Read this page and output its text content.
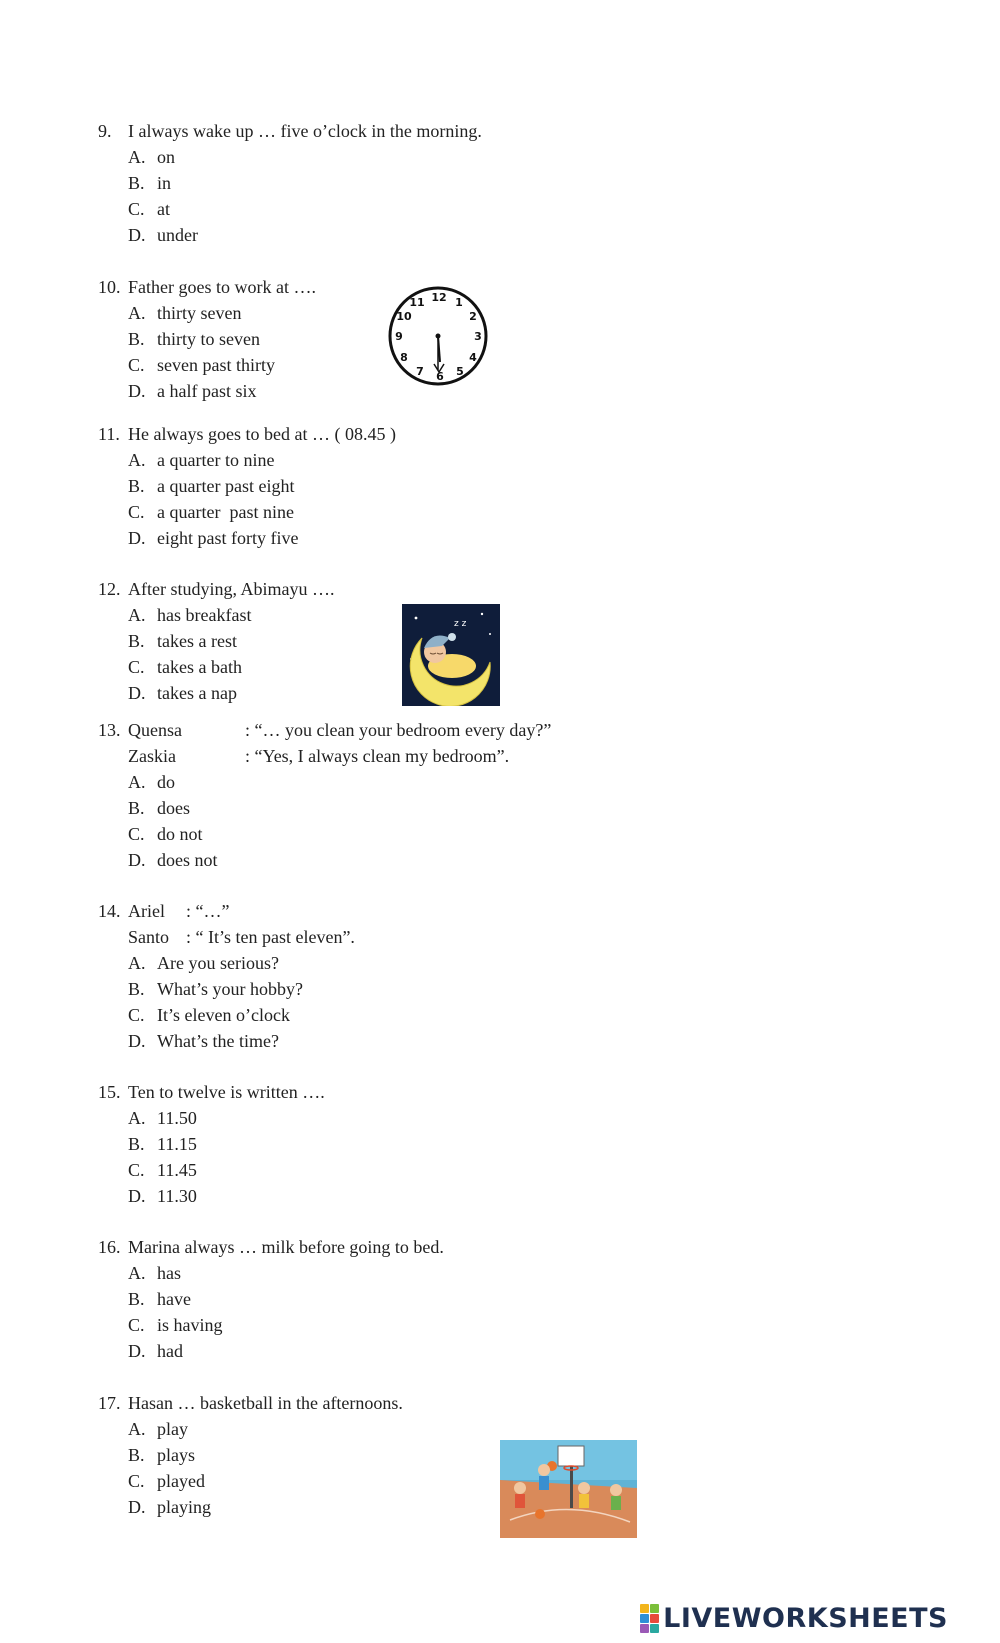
9. I always wake up … five o’clock in the morning.
A. on
B. in
C. at
D. under
10. Father goes to work at ….
A. thirty seven
B. thirty to seven
C. seven past thirty
D. a half past six
12 1
2
3
4
5
6
7
8
9
10
11
11. He always goes to bed at … ( 08.45 )
A. a quarter to nine
B. a quarter past eight
C. a quarter  past nine
D. eight past forty five
12. After studying, Abimayu ….
A. has breakfast
B. takes a rest
C. takes a bath
D. takes a nap
z z
13. Quensa	: “… you clean your bedroom every day?”
Zaskia	: “Yes, I always clean my bedroom”.
A. do
B. does
C. do not
D. does not
14. Ariel : “…”
Santo : “ It’s ten past eleven”.
A. Are you serious?
B. What’s your hobby?
C. It’s eleven o’clock
D. What’s the time?
15. Ten to twelve is written ….
A. 11.50
B. 11.15
C. 11.45
D. 11.30
16. Marina always … milk before going to bed.
A. has
B. have
C. is having
D. had
17. Hasan … basketball in the afternoons.
A. play
B. plays
C. played
D. playing
LIVEWORKSHEETS
